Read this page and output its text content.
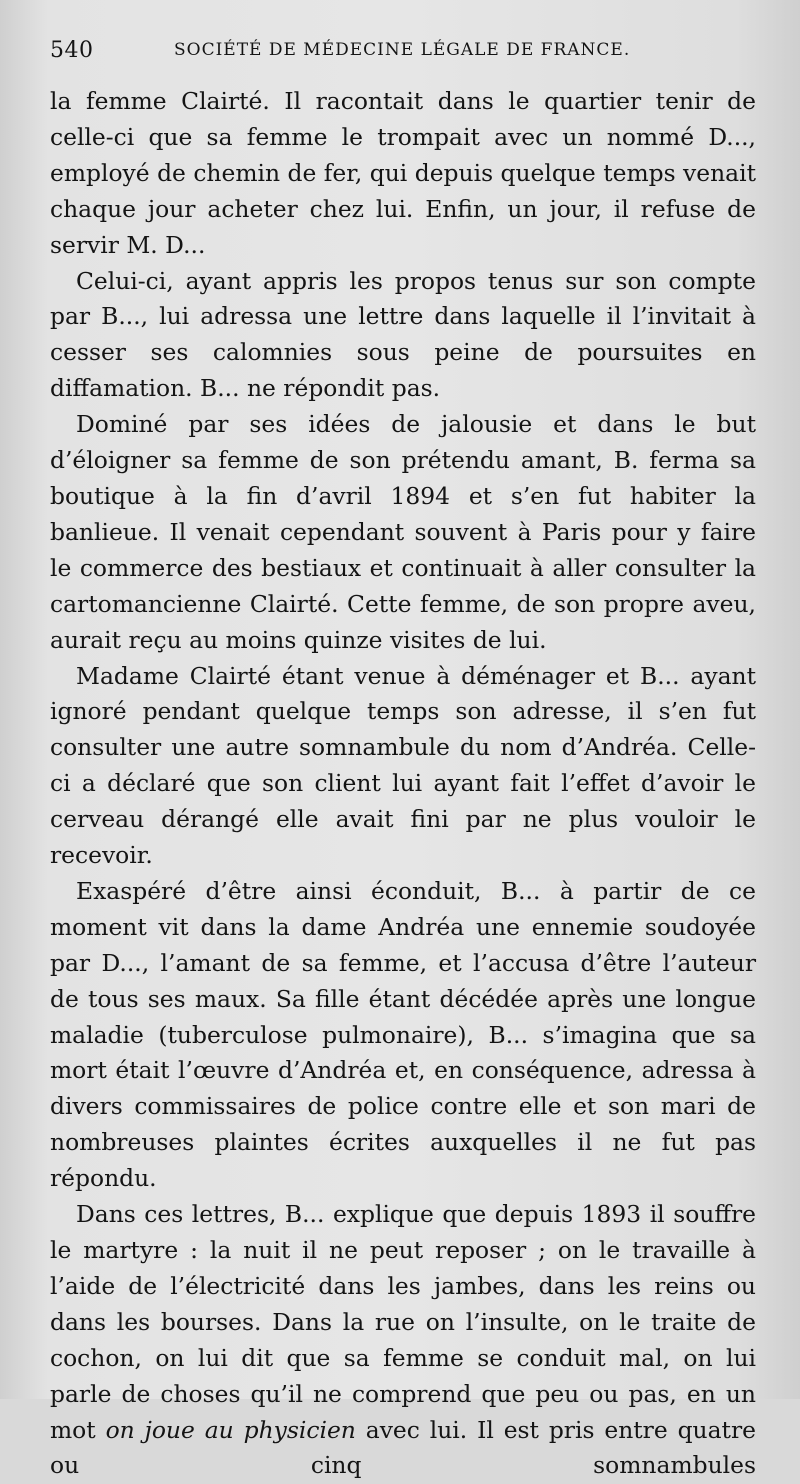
540	SOCIÉTÉ DE MÉDECINE LÉGALE DE FRANCE.

la femme Clairté. Il racontait dans le quartier tenir de celle-ci que sa femme le trompait avec un nommé D..., employé de chemin de fer, qui depuis quelque temps venait chaque jour acheter chez lui. Enfin, un jour, il refuse de servir M. D...

Celui-ci, ayant appris les propos tenus sur son compte par B..., lui adressa une lettre dans laquelle il l’invitait à cesser ses calomnies sous peine de poursuites en diffamation. B... ne répondit pas.

Dominé par ses idées de jalousie et dans le but d’éloigner sa femme de son prétendu amant, B. ferma sa boutique à la fin d’avril 1894 et s’en fut habiter la banlieue. Il venait cependant souvent à Paris pour y faire le commerce des bestiaux et continuait à aller consulter la cartomancienne Clairté. Cette femme, de son propre aveu, aurait reçu au moins quinze visites de lui.

Madame Clairté étant venue à déménager et B... ayant ignoré pendant quelque temps son adresse, il s’en fut consulter une autre somnambule du nom d’Andréa. Celle-ci a déclaré que son client lui ayant fait l’effet d’avoir le cerveau dérangé elle avait fini par ne plus vouloir le recevoir.

Exaspéré d’être ainsi éconduit, B... à partir de ce moment vit dans la dame Andréa une ennemie soudoyée par D..., l’amant de sa femme, et l’accusa d’être l’auteur de tous ses maux. Sa fille étant décédée après une longue maladie (tuberculose pulmonaire), B... s’imagina que sa mort était l’œuvre d’Andréa et, en conséquence, adressa à divers commissaires de police contre elle et son mari de nombreuses plaintes écrites auxquelles il ne fut pas répondu.

Dans ces lettres, B... explique que depuis 1893 il souffre le martyre : la nuit il ne peut reposer ; on le travaille à l’aide de l’électricité dans les jambes, dans les reins ou dans les bourses. Dans la rue on l’insulte, on le traite de cochon, on lui dit que sa femme se conduit mal, on lui parle de choses qu’il ne comprend que peu ou pas, en un mot on joue au physicien avec lui. Il est pris entre quatre ou cinq somnambules
